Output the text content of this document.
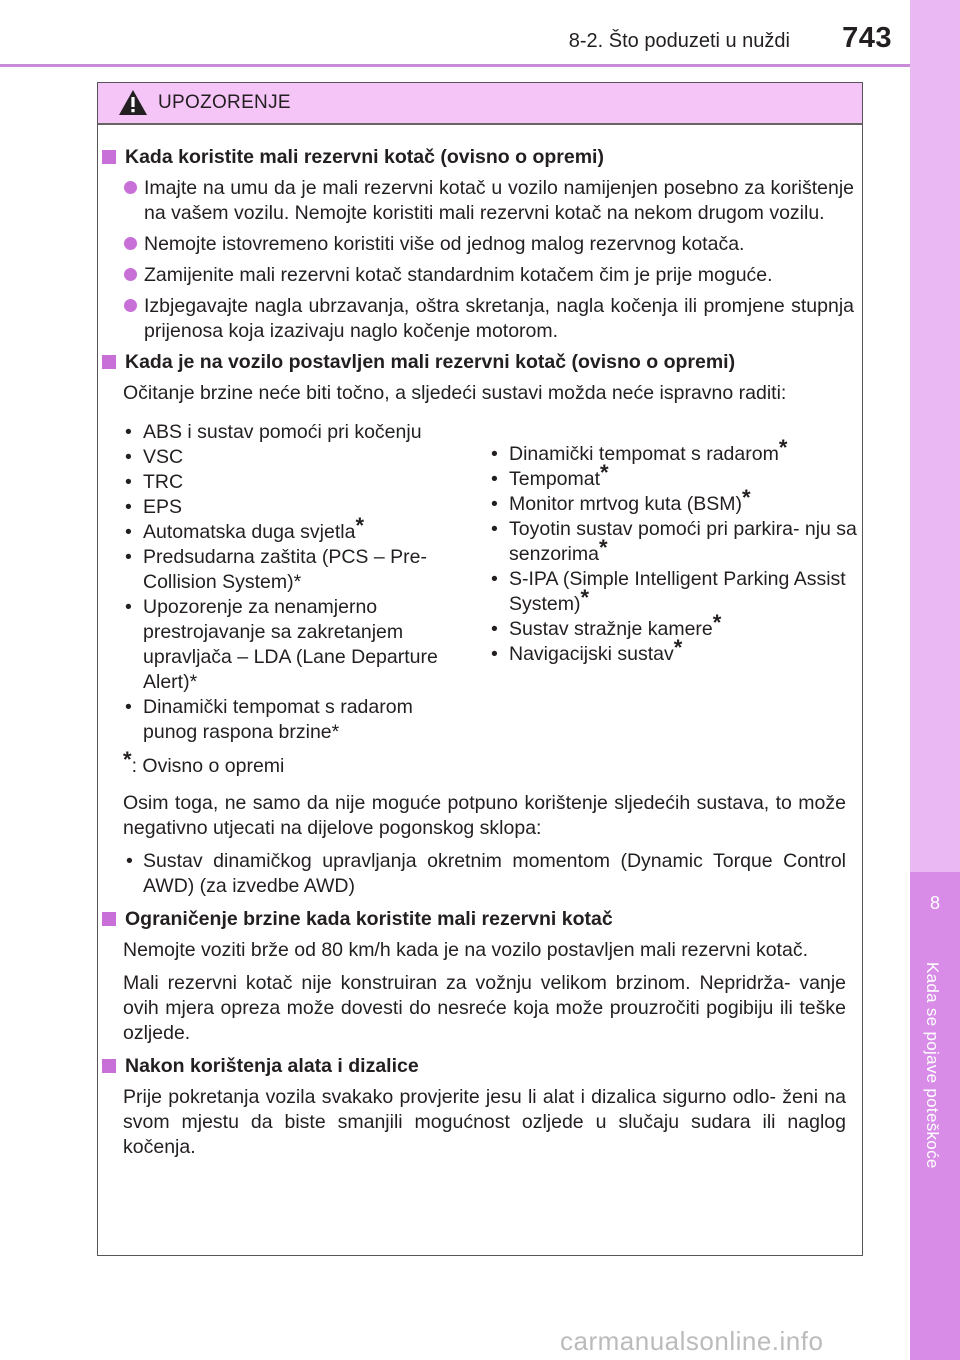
8-2. Što poduzeti u nuždi	743
8
Kada se pojave poteškoće
UPOZORENJE
Kada koristite mali rezervni kotač (ovisno o opremi)
Imajte na umu da je mali rezervni kotač u vozilo namijenjen posebno za korištenje na vašem vozilu. Nemojte koristiti mali rezervni kotač na nekom drugom vozilu.
Nemojte istovremeno koristiti više od jednog malog rezervnog kotača.
Zamijenite mali rezervni kotač standardnim kotačem čim je prije moguće.
Izbjegavajte nagla ubrzavanja, oštra skretanja, nagla kočenja ili promjene stupnja prijenosa koja izazivaju naglo kočenje motorom.
Kada je na vozilo postavljen mali rezervni kotač (ovisno o opremi)
Očitanje brzine neće biti točno, a sljedeći sustavi možda neće ispravno raditi:
• ABS i sustav pomoći pri kočenju
• VSC
• TRC
• EPS
• Automatska duga svjetla*
• Predsudarna zaštita (PCS – Pre-Collision System)*
• Upozorenje za nenamjerno prestrojavanje sa zakretanjem upravljača – LDA (Lane Departure Alert)*
• Dinamički tempomat s radarom punog raspona brzine*
• Dinamički tempomat s radarom*
• Tempomat*
• Monitor mrtvog kuta (BSM)*
• Toyotin sustav pomoći pri parkira- nju sa senzorima*
• S-IPA (Simple Intelligent Parking Assist System)*
• Sustav stražnje kamere*
• Navigacijski sustav*
*: Ovisno o opremi
Osim toga, ne samo da nije moguće potpuno korištenje sljedećih sustava, to može negativno utjecati na dijelove pogonskog sklopa:
• Sustav dinamičkog upravljanja okretnim momentom (Dynamic Torque Control AWD) (za izvedbe AWD)
Ograničenje brzine kada koristite mali rezervni kotač
Nemojte voziti brže od 80 km/h kada je na vozilo postavljen mali rezervni kotač.
Mali rezervni kotač nije konstruiran za vožnju velikom brzinom. Nepridrža- vanje ovih mjera opreza može dovesti do nesreće koja može prouzročiti pogibiju ili teške ozljede.
Nakon korištenja alata i dizalice
Prije pokretanja vozila svakako provjerite jesu li alat i dizalica sigurno odlo- ženi na svom mjestu da biste smanjili mogućnost ozljede u slučaju sudara ili naglog kočenja.
carmanualsonline.info
